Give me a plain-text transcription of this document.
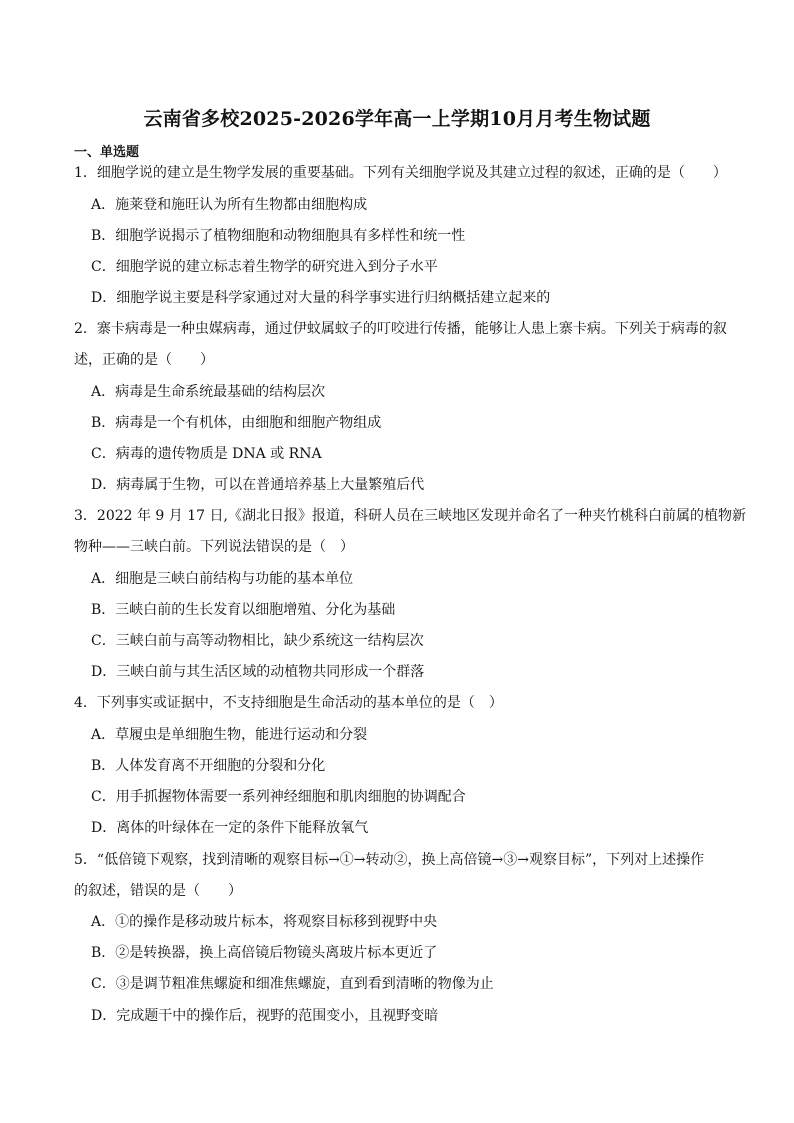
云南省多校2025-2026学年高一上学期10月月考生物试题
一、单选题
1．细胞学说的建立是生物学发展的重要基础。下列有关细胞学说及其建立过程的叙述，正确的是（　　）
A．施莱登和施旺认为所有生物都由细胞构成
B．细胞学说揭示了植物细胞和动物细胞具有多样性和统一性
C．细胞学说的建立标志着生物学的研究进入到分子水平
D．细胞学说主要是科学家通过对大量的科学事实进行归纳概括建立起来的
2．寨卡病毒是一种虫媒病毒，通过伊蚊属蚊子的叮咬进行传播，能够让人患上寨卡病。下列关于病毒的叙
述，正确的是（　　）
A．病毒是生命系统最基础的结构层次
B．病毒是一个有机体，由细胞和细胞产物组成
C．病毒的遗传物质是 DNA 或 RNA
D．病毒属于生物，可以在普通培养基上大量繁殖后代
3．2022 年 9 月 17 日,《湖北日报》报道，科研人员在三峡地区发现并命名了一种夹竹桃科白前属的植物新
物种——三峡白前。下列说法错误的是（　）
A．细胞是三峡白前结构与功能的基本单位
B．三峡白前的生长发育以细胞增殖、分化为基础
C．三峡白前与高等动物相比，缺少系统这一结构层次
D．三峡白前与其生活区域的动植物共同形成一个群落
4．下列事实或证据中，不支持细胞是生命活动的基本单位的是（　）
A．草履虫是单细胞生物，能进行运动和分裂
B．人体发育离不开细胞的分裂和分化
C．用手抓握物体需要一系列神经细胞和肌肉细胞的协调配合
D．离体的叶绿体在一定的条件下能释放氧气
5．“低倍镜下观察，找到清晰的观察目标→①→转动②，换上高倍镜→③→观察目标”，下列对上述操作
的叙述，错误的是（　　）
A．①的操作是移动玻片标本，将观察目标移到视野中央
B．②是转换器，换上高倍镜后物镜头离玻片标本更近了
C．③是调节粗准焦螺旋和细准焦螺旋，直到看到清晰的物像为止
D．完成题干中的操作后，视野的范围变小，且视野变暗
